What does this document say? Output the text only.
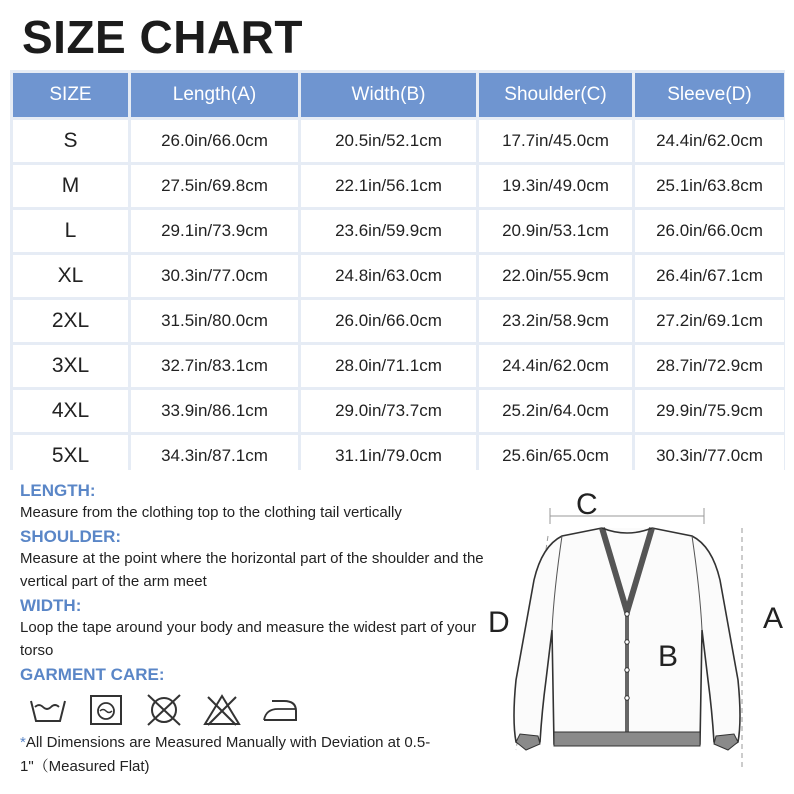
SIZE CHART
SIZE	Length(A)	Width(B)	Shoulder(C)	Sleeve(D)
S	26.0in/66.0cm	20.5in/52.1cm	17.7in/45.0cm	24.4in/62.0cm
M	27.5in/69.8cm	22.1in/56.1cm	19.3in/49.0cm	25.1in/63.8cm
L	29.1in/73.9cm	23.6in/59.9cm	20.9in/53.1cm	26.0in/66.0cm
XL	30.3in/77.0cm	24.8in/63.0cm	22.0in/55.9cm	26.4in/67.1cm
2XL	31.5in/80.0cm	26.0in/66.0cm	23.2in/58.9cm	27.2in/69.1cm
3XL	32.7in/83.1cm	28.0in/71.1cm	24.4in/62.0cm	28.7in/72.9cm
4XL	33.9in/86.1cm	29.0in/73.7cm	25.2in/64.0cm	29.9in/75.9cm
5XL	34.3in/87.1cm	31.1in/79.0cm	25.6in/65.0cm	30.3in/77.0cm
LENGTH:
Measure from the clothing top to the clothing tail vertically
SHOULDER:
Measure at the point where the horizontal part of the shoulder and the vertical part of the arm meet
WIDTH:
Loop the tape around your body and measure the widest part of your torso
GARMENT CARE:
*All Dimensions are Measured Manually with Deviation at 0.5-1"（Measured Flat)
C
A
D
B
